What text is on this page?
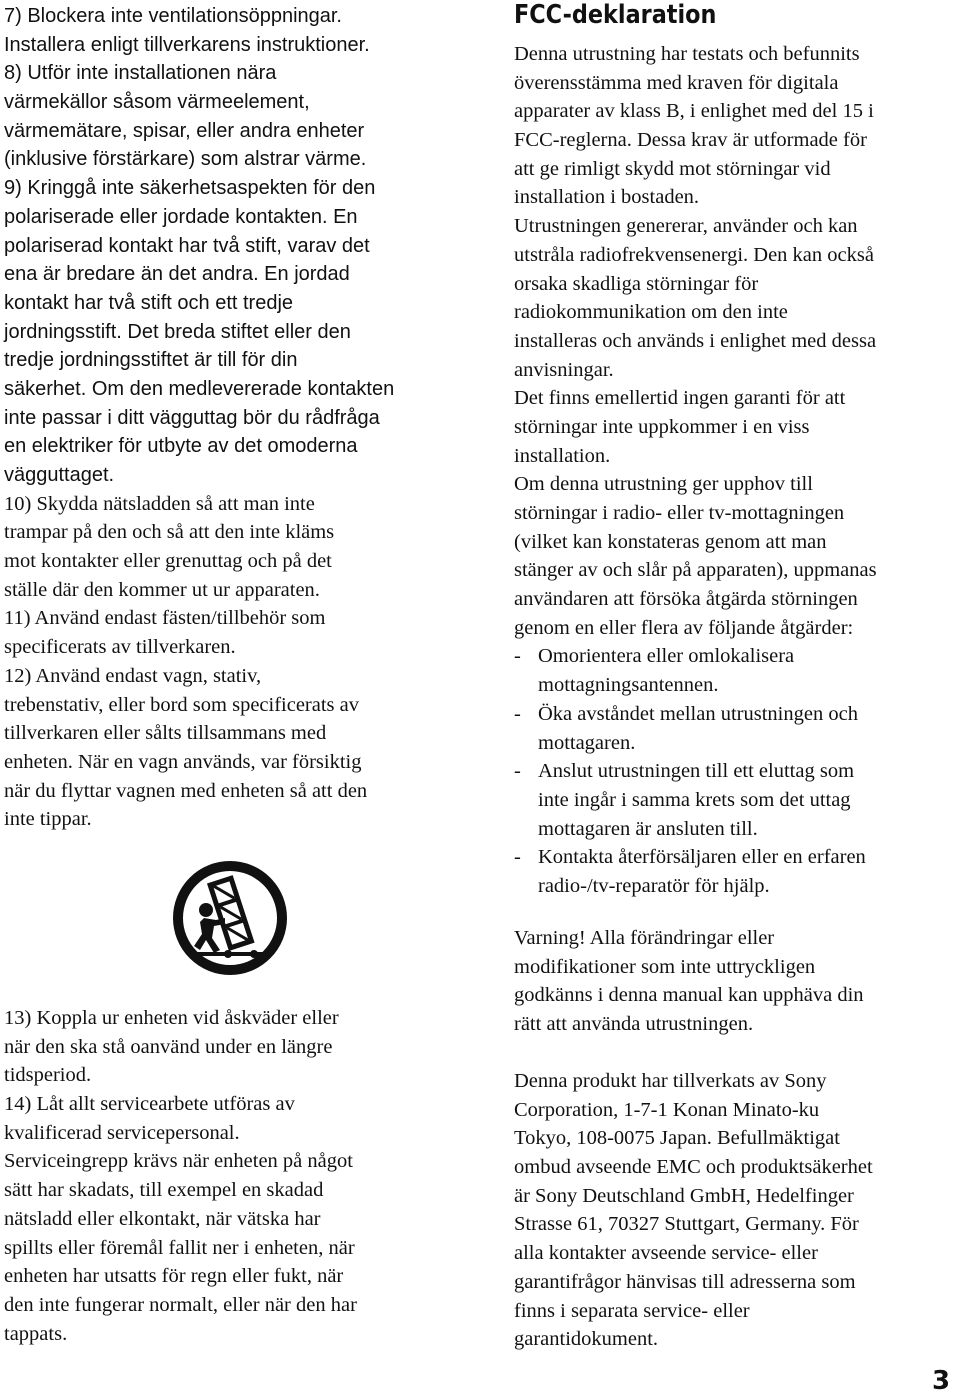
7) Blockera inte ventilationsöppningar.
Installera enligt tillverkarens instruktioner.
8) Utför inte installationen nära
värmekällor såsom värmeelement,
värmemätare, spisar, eller andra enheter
(inklusive förstärkare) som alstrar värme.
9) Kringgå inte säkerhetsaspekten för den
polariserade eller jordade kontakten. En
polariserad kontakt har två stift, varav det
ena är bredare än det andra. En jordad
kontakt har två stift och ett tredje
jordningsstift. Det breda stiftet eller den
tredje jordningsstiftet är till för din
säkerhet. Om den medlevererade kontakten
inte passar i ditt vägguttag bör du rådfråga
en elektriker för utbyte av det omoderna
vägguttaget.
10) Skydda nätsladden så att man inte
trampar på den och så att den inte kläms
mot kontakter eller grenuttag och på det
ställe där den kommer ut ur apparaten.
11) Använd endast fästen/tillbehör som
specificerats av tillverkaren.
12) Använd endast vagn, stativ,
trebenstativ, eller bord som specificerats av
tillverkaren eller sålts tillsammans med
enheten. När en vagn används, var försiktig
när du flyttar vagnen med enheten så att den
inte tippar.
13) Koppla ur enheten vid åskväder eller
när den ska stå oanvänd under en längre
tidsperiod.
14) Låt allt servicearbete utföras av
kvalificerad servicepersonal.
Serviceingrepp krävs när enheten på något
sätt har skadats, till exempel en skadad
nätsladd eller elkontakt, när vätska har
spillts eller föremål fallit ner i enheten, när
enheten har utsatts för regn eller fukt, när
den inte fungerar normalt, eller när den har
tappats.
FCC-deklaration
Denna utrustning har testats och befunnits
överensstämma med kraven för digitala
apparater av klass B, i enlighet med del 15 i
FCC-reglerna. Dessa krav är utformade för
att ge rimligt skydd mot störningar vid
installation i bostaden.
Utrustningen genererar, använder och kan
utstråla radiofrekvensenergi. Den kan också
orsaka skadliga störningar för
radiokommunikation om den inte
installeras och används i enlighet med dessa
anvisningar.
Det finns emellertid ingen garanti för att
störningar inte uppkommer i en viss
installation.
Om denna utrustning ger upphov till
störningar i radio- eller tv-mottagningen
(vilket kan konstateras genom att man
stänger av och slår på apparaten), uppmanas
användaren att försöka åtgärda störningen
genom en eller flera av följande åtgärder:
- Omorientera eller omlokalisera
mottagningsantennen.
- Öka avståndet mellan utrustningen och
mottagaren.
- Anslut utrustningen till ett eluttag som
inte ingår i samma krets som det uttag
mottagaren är ansluten till.
- Kontakta återförsäljaren eller en erfaren
radio-/tv-reparatör för hjälp.
Varning! Alla förändringar eller
modifikationer som inte uttryckligen
godkänns i denna manual kan upphäva din
rätt att använda utrustningen.
Denna produkt har tillverkats av Sony
Corporation, 1-7-1 Konan Minato-ku
Tokyo, 108-0075 Japan. Befullmäktigat
ombud avseende EMC och produktsäkerhet
är Sony Deutschland GmbH, Hedelfinger
Strasse 61, 70327 Stuttgart, Germany. För
alla kontakter avseende service- eller
garantifrågor hänvisas till adresserna som
finns i separata service- eller
garantidokument.
3
